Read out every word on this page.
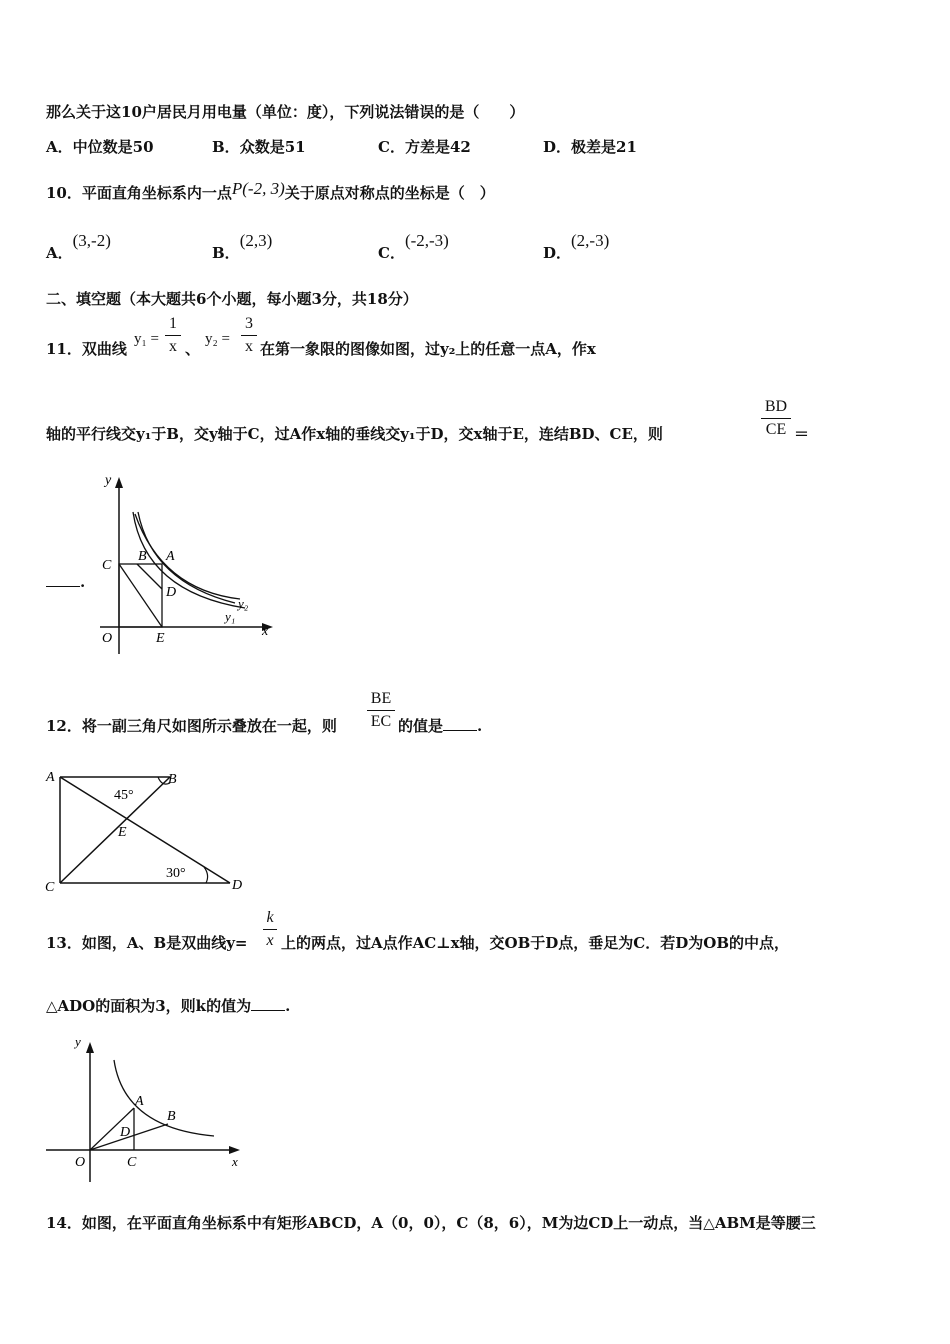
那么关于这10户居民月用电量（单位：度），下列说法错误的是（　　）
A．中位数是50	B．众数是51	C．方差是42	D．极差是21
10．平面直角坐标系内一点P(-2, 3)关于原点对称点的坐标是（　）
A．(3,-2)
B．(2,3)
C．(-2,-3)
D．(2,-3)
二、填空题（本大题共6个小题，每小题3分，共18分）
11．双曲线
$y_1 = \frac{1}{x}$ 、
$y_2 = \frac{3}{x}$ 在第一象限的图像如图，过y₂上的任意一点A，作x
轴的平行线交y₁于B，交y轴于C，过A作x轴的垂线交y₁于D，交x轴于E，连结BD、CE，则	$\frac{BD}{CE}$ ＝
.
y
x
O
C
B A
D
E
y₂
y₁
12．将一副三角尺如图所示叠放在一起，则 $\frac{BE}{EC}$ 的值是 .
A	B
E
C	D
45°
30°
13．如图，A、B是双曲线$y= \frac{k}{x}$ 上的两点，过A点作AC⊥x轴，交OB于D点，垂足为C．若D为OB的中点，
△ADO的面积为3，则k的值为 .
y
x
O
A
B
D
C
14．如图，在平面直角坐标系中有矩形ABCD，A（0，0），C（8，6），M为边CD上一动点，当△ABM是等腰三
